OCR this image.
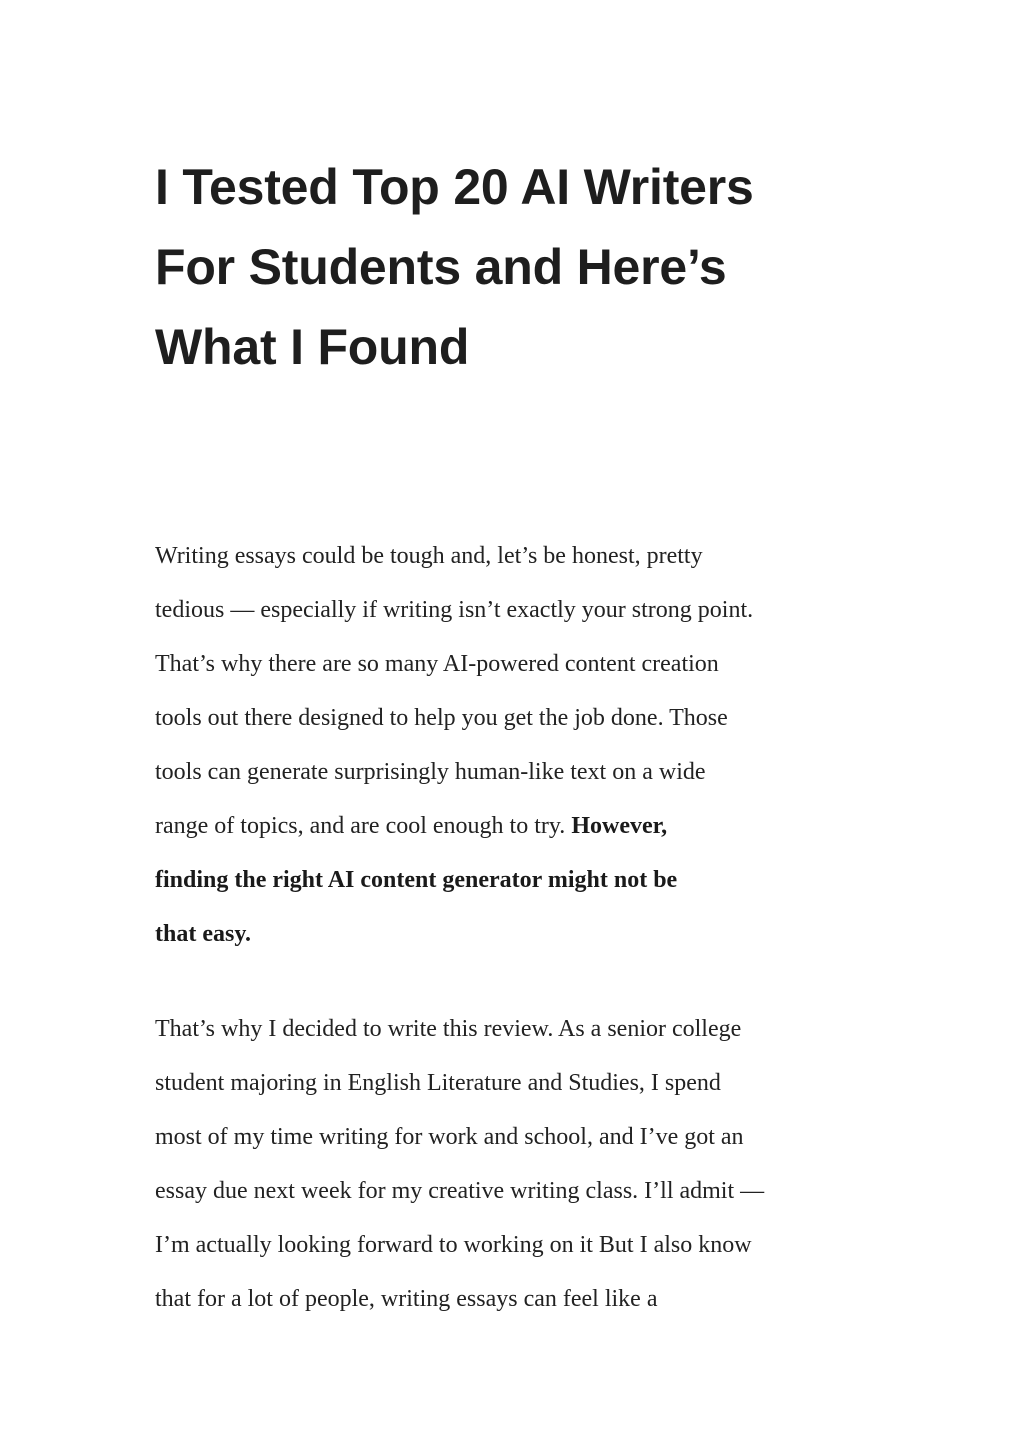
I Tested Top 20 AI Writers
For Students and Here’s
What I Found

Writing essays could be tough and, let’s be honest, pretty
tedious — especially if writing isn’t exactly your strong point.
That’s why there are so many AI-powered content creation
tools out there designed to help you get the job done. Those
tools can generate surprisingly human-like text on a wide
range of topics, and are cool enough to try. However,
finding the right AI content generator might not be
that easy.

That’s why I decided to write this review. As a senior college
student majoring in English Literature and Studies, I spend
most of my time writing for work and school, and I’ve got an
essay due next week for my creative writing class. I’ll admit —
I’m actually looking forward to working on it But I also know
that for a lot of people, writing essays can feel like a
